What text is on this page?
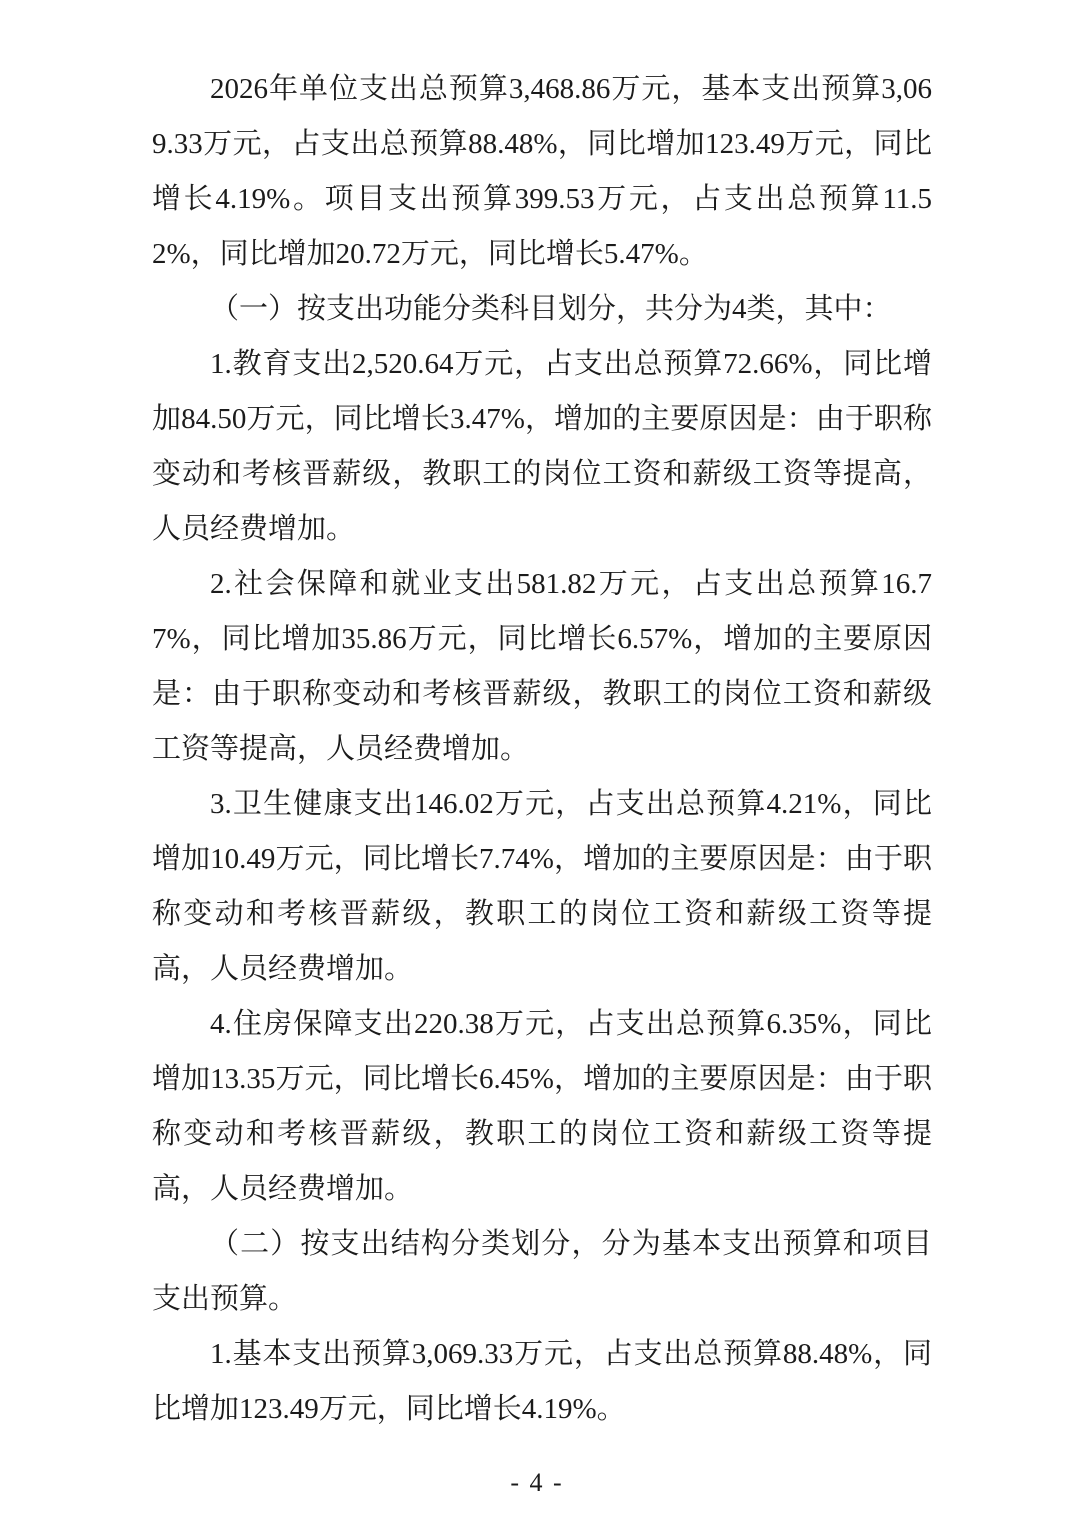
2026年单位支出总预算3,468.86万元，基本支出预算3,069.33万元，占支出总预算88.48%，同比增加123.49万元，同比增长4.19%。项目支出预算399.53万元，占支出总预算11.52%，同比增加20.72万元，同比增长5.47%。

（一）按支出功能分类科目划分，共分为4类，其中：

1.教育支出2,520.64万元，占支出总预算72.66%，同比增加84.50万元，同比增长3.47%，增加的主要原因是：由于职称变动和考核晋薪级，教职工的岗位工资和薪级工资等提高，人员经费增加。

2.社会保障和就业支出581.82万元，占支出总预算16.77%，同比增加35.86万元，同比增长6.57%，增加的主要原因是：由于职称变动和考核晋薪级，教职工的岗位工资和薪级工资等提高，人员经费增加。

3.卫生健康支出146.02万元，占支出总预算4.21%，同比增加10.49万元，同比增长7.74%，增加的主要原因是：由于职称变动和考核晋薪级，教职工的岗位工资和薪级工资等提高，人员经费增加。

4.住房保障支出220.38万元，占支出总预算6.35%，同比增加13.35万元，同比增长6.45%，增加的主要原因是：由于职称变动和考核晋薪级，教职工的岗位工资和薪级工资等提高，人员经费增加。

（二）按支出结构分类划分，分为基本支出预算和项目支出预算。

1.基本支出预算3,069.33万元，占支出总预算88.48%，同比增加123.49万元，同比增长4.19%。

- 4 -
